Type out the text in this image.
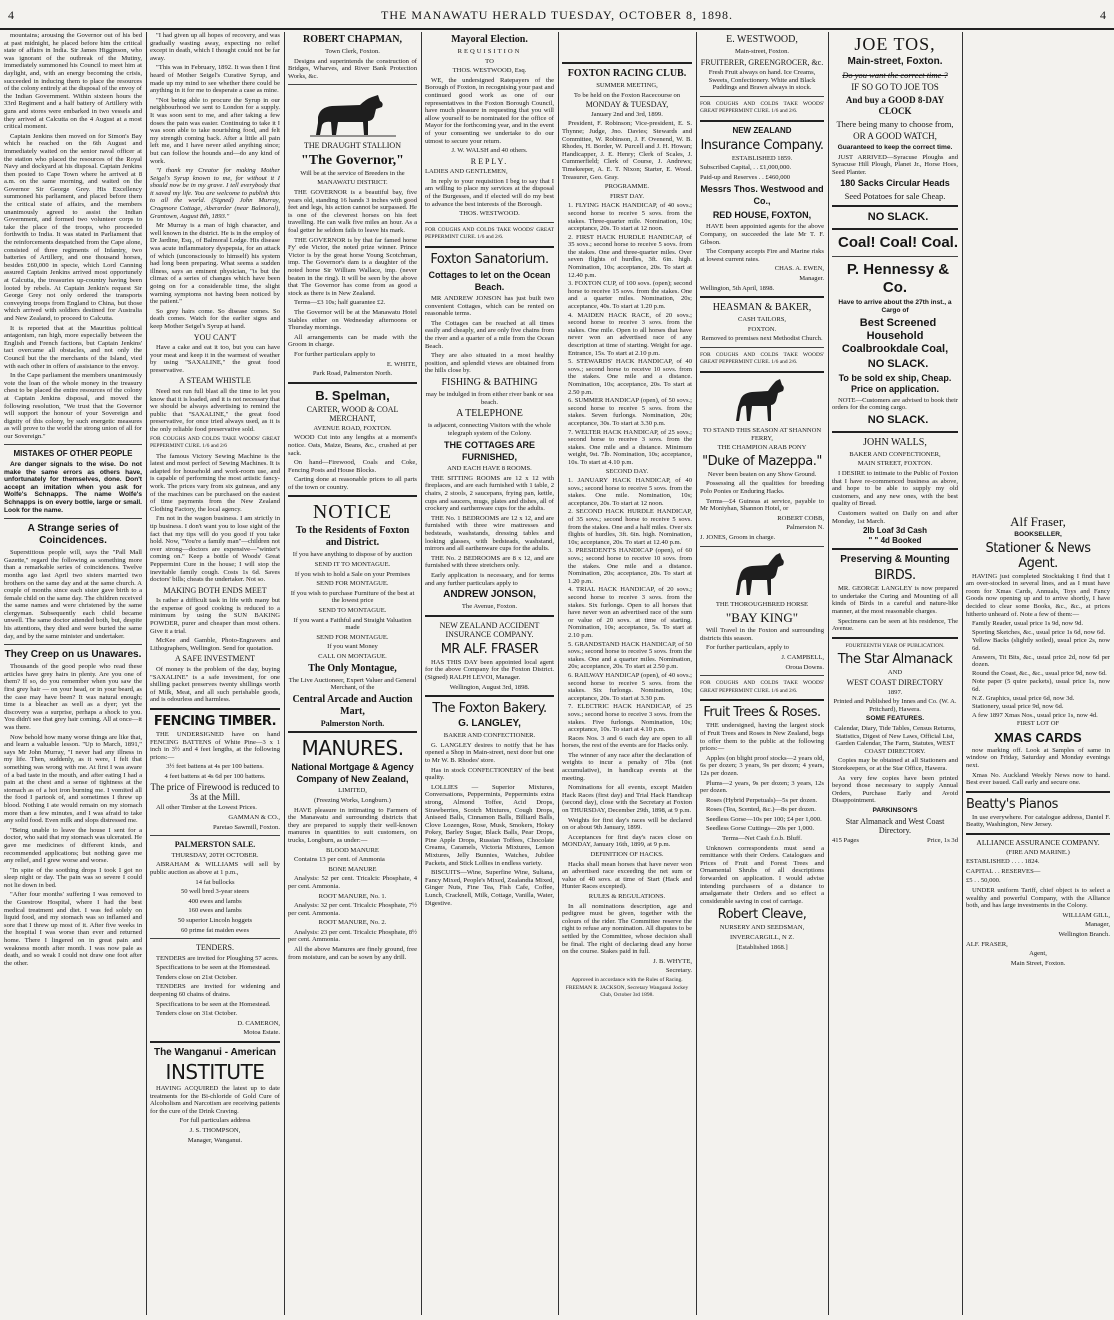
4	THE MANAWATU HERALD TUESDAY, OCTOBER 8, 1898.	4

mountains; arousing the Governor out of his bed at past midnight, he placed before him the critical state of affairs in India. Sir James Higginson, who was ignorant of the outbreak of the Mutiny, immediately summoned his Council to meet him at daylight, and, with an energy becoming the crisis, succeeded in inducing them to place the resources of the colony entirely at the disposal of the envoy of the Indian Government. Within sixteen hours the 33rd Regiment and a half battery of Artillery with guns and stores were embarked in two vessels and they arrived at Calcutta on the 4 August at a most critical moment.

Captain Jenkins then moved on for Simon's Bay which he reached on the 6th August and immediately waited on the senior naval officer at the station who placed the resources of the Royal Navy and dockyard at his disposal. Captain Jenkins then posted to Cape Town where he arrived at 8 a.m. on the same morning, and waited on the Governor Sir George Grey. His Excellency summoned his parliament, and placed before them the critical state of affairs, and the members unanimously agreed to assist the Indian Government, and formed two volunteer corps to take the place of the troops, who proceeded forthwith to India. It was stated in Parliament that the reinforcements despatched from the Cape alone, consisted of three regiments of Infantry, two batteries of Artillery, and one thousand horses, besides £60,000 in specie, which Lord Canning assured Captain Jenkins arrived most opportunely at Calcutta, the treasuries up-country having been looted by rebels. At Captain Jenkin's request Sir George Grey not only ordered the transports conveying troops from England to China, but those which arrived with soldiers destined for Australia and New Zealand, to proceed to Calcutta.

It is reported that at the Mauritius political antagonism, ran high, more especially between the English and French factions, but Captain Jenkins' tact overcame all obstacles, and not only the Council but the the merchants of the Island, vied with each other in offers of assistance to the envoy.

In the Cape parliament the members unanimously vote the loan of the whole money in the treasury chest to be placed the entire resources of the colony at Captain Jenkins disposal, and moved the following resolution, "We trust that the Governor will support the honour of your Sovereign and dignity of this colony, by such energetic measures as will prove to the world the strong union of all for our Sovereign."

MISTAKES OF OTHER PEOPLE

Are danger signals to the wise. Do not make the same errors as others have, unfortunately for themselves, done. Don't accept an imitation when you ask for Wolfe's Schnapps. The name Wolfe's Schnapps is on every bottle, large or small. Look for the name.

A Strange series of Coincidences.

Superstitious people will, says the "Pall Mall Gazette," regard the following as something more than a remarkable series of coincidences. Twelve months ago last April two sisters married two brothers on the same day and at the same church. A couple of months since each sister gave birth to a female child on the same day. The children received the same names and were christened by the same clergyman. Subsequently each child became unwell. The same doctor attended both, but, despite his attentions, they died and were buried the same day, and by the same minister and undertaker.

They Creep on us Unawares.

Thousands of the good people who read these articles have grey hairs in plenty. Are you one of them? If so, do you remember when you saw the first grey hair — on your head, or in your beard, as the case may have been? It was natural enough; time is a bleacher as well as a dyer; yet the discovery was a surprise, perhaps a shock to you. You didn't see that grey hair coming. All at once—it was there.

Now behold how many worse things are like that, and learn a valuable lesson. "Up to March, 1891," says Mr John Murray, "I never had any illness in my life. Then, suddenly, as it were, I felt that something was wrong with me. At first I was aware of a bad taste in the mouth, and after eating I had a pain at the chest and a sense of tightness at the stomach as of a hot iron burning me. I vomited all the food I partook of, and sometimes I threw up blood. Nothing I ate would remain on my stomach more than a few minutes, and I was afraid to take any solid food. Even milk and slops distressed me.

"Being unable to leave the house I sent for a doctor, who said that my stomach was ulcerated. He gave me medicines of different kinds, and recommended applications; but nothing gave me any relief, and I grew worse and worse.

"In spite of the soothing drops I took I got no sleep night or day. The pain was so severe I could not lie down in bed.

"After four months' suffering I was removed to the Guestrow Hospital, where I had the best medical treatment and diet. I was fed solely on liquid food, and my stomach was so inflamed and sore that I threw up most of it. After five weeks in the hospital I was worse than ever and returned home. There I lingered on in great pain and weakness month after month. I was now pale as death, and so weak I could not draw one foot after the other.

"I had given up all hopes of recovery, and was gradually wasting away, expecting no relief except in death, which I thought could not be far away.

"This was in February, 1892. It was then I first heard of Mother Seigel's Curative Syrup, and made up my mind to see whether there could be anything in it for me to desperate a case as mine.

"Not being able to procure the Syrup in our neighbourhood we sent to London for a supply. It was soon sent to me, and after taking a few doses the pain was easier. Continuing to take it I was soon able to take nourishing food, and felt my strength coming back. After a little all pain left me, and I have never ailed anything since; but can follow the hounds and—do any kind of work.

"I thank my Creator for making Mother Seigel's Syrup known to me, for without it I should now be in my grave. I tell everybody that it saved my life. You are welcome to publish this to all the world. (Signed) John Murray, Cragmore Cottage, Aberarder (near Balmoral), Grantown, August 8th, 1893."

Mr Murray is a man of high character, and well known in the district. He is in the employ of Dr Jardine, Esq., of Balmoral Lodge. His disease was acute inflammatory dyspepsia, for an attack of which (unconsciously to himself) his system had long been preparing. What seems a sudden illness, says an eminent physician, "is but the climax of a series of changes which have been going on for a considerable time, the slight warning symptoms not having been noticed by the patient."

So grey hairs come. So disease comes. So death comes. Watch for the earlier signs and keep Mother Seigel's Syrup at hand.

YOU CAN'T

Have a cake and eat it too, but you can have your meat and keep it in the warmest of weather by using "SAXALINE," the great food preservative.

A STEAM WHISTLE

Need not run full blast all the time to let you know that it is loaded, and it is not necessary that we should be always advertising to remind the public that "SAXALINE," the great food preservative, for once tried always used, as it is the only reliable food preservative sold.

FOR COUGHS AND COLDS TAKE WOODS' GREAT PEPPERMINT CURE. 1/6 and 2/6

The famous Victory Sewing Machine is the latest and most perfect of Sewing Machines. It is adapted for household and work-room use, and is capable of performing the most artistic fancy-work. The prices vary from six guineas, and any of the machines can be purchased on the easiest of time payments from the New Zealand Clothing Factory, the local agency.

I'm not in the wagon business. I am strictly in tip business. I don't want you to lose sight of the fact that my tips will do you good if you take hold. Now, "You're a family man"—children not over strong—doctors are expensive—"winter's coming on." Keep a bottle of Woods' Great Peppermint Cure in the house; I will stop the inevitable family cough. Costs 1s 6d. Saves doctors' bills; cheats the undertaker. Not so.

MAKING BOTH ENDS MEET

Is rather a difficult task in life with many but the expense of good cooking is reduced to a minimum by using the SUN BAKING POWDER, purer and cheaper than most others. Give it a trial.

McKee and Gamble, Photo-Engravers and Lithographers, Wellington. Send for quotation.

A SAFE INVESTMENT

Of money is the problem of the day, buying "SAXALINE" is a safe investment, for one shilling packet preserves twenty shillings worth of Milk, Meat, and all such perishable goods, and is odourless and harmless.

FENCING TIMBER.

THE UNDERSIGNED have on hand FENCING BATTENS of White Pine—3 x 1 inch in 3½ and 4 feet lengths, at the following prices:—

3½ feet battens at 4s per 100 battens.

4 feet battens at 4s 6d per 100 battens.

The price of Firewood is reduced to 3s at the Mill.

All other Timber at the Lowest Prices.

GAMMAN & CO.,

Paretao Sawmill, Foxton.

PALMERSTON SALE.

THURSDAY, 20TH OCTOBER.

ABRAHAM & WILLIAMS will sell by public auction as above at 1 p.m.,

14 fat bullocks

50 well bred 3-year steers

400 ewes and lambs

160 ewes and lambs

50 superior Lincoln hoggets

60 prime fat maiden ewes

TENDERS.

TENDERS are invited for Ploughing 57 acres.

Specifications to be seen at the Homestead.

Tenders close on 21st October.

TENDERS are invited for widening and deepening 60 chains of drains.

Specifications to be seen at the Homestead.

Tenders close on 31st October.

D. CAMERON,

Motoa Estate.

The Wanganui - American
INSTITUTE

HAVING ACQUIRED the latest up to date treatments for the Bi-chloride of Gold Cure of Alcoholism and Narcotism are receiving patients for the cure of the Drink Craving.

For full particulars address

J. S. THOMPSON,

Manager, Wanganui.

ROBERT CHAPMAN,

Town Clerk, Foxton.

Designs and superintends the construction of Bridges, Wharves, and River Bank Protection Works, &c.

THE DRAUGHT STALLION
"The Governor,"

Will be at the service of Breeders in the

MANAWATU DISTRICT.

THE GOVERNOR is a beautiful bay, five years old, standing 16 hands 3 inches with good feet and legs, his action cannot be surpassed. He is one of the cleverest horses on his feet travelling. He can walk five miles an hour. As a foal getter he seldom fails to leave his mark.

THE GOVERNOR is by that far famed horse Fy' ede Victor, the noted prize winner. Prince Victor is by the great horse Young Scotchman, imp. The Governor's dam is a daughter of the noted horse Sir William Wallace, imp. (never beaten in the ring). It will be seen by the above that The Governor has come from as good a stock as there is in New Zealand.

Terms—£3 10s; half guarantee £2.

The Governor will be at the Manawatu Hotel Stables either on Wednesday afternoons or Thursday mornings.

All arrangements can be made with the Groom in charge.

For further particulars apply to

E. WHITE,

Park Road, Palmerston North.

B. Spelman,

CARTER, WOOD & COAL MERCHANT,

AVENUE ROAD, FOXTON.

WOOD Cut into any lengths at a moment's notice. Oats, Maize, Beans, &c., crushed at per sack.

On hand—Firewood, Coals and Coke, Fencing Posts and House Blocks.

Carting done at reasonable prices to all parts of the town or country.

NOTICE
To the Residents of Foxton and District.

If you have anything to dispose of by auction

SEND IT TO MONTAGUE.

If you wish to hold a Sale on your Premises

SEND FOR MONTAGUE.

If you wish to purchase Furniture of the best at the lowest price

SEND TO MONTAGUE.

If you want a Faithful and Straight Valuation made

SEND FOR MONTAGUE.

If you want Money

CALL ON MONTAGUE.

The Only Montague,

The Live Auctioneer, Expert Valuer and General Merchant, of the

Central Arcade and Auction Mart,

Palmerston North.

MANURES.
National Mortgage & Agency Company of New Zealand,

LIMITED,

(Freezing Works, Longburn.)

HAVE pleasure in intimating to Farmers of the Manawatu and surrounding districts that they are prepared to supply their well-known manures in quantities to suit customers, on trucks, Longburn, as under:—

BLOOD MANURE

Contains 13 per cent. of Ammonia

BONE MANURE

Analysis: 52 per cent. Tricalcic Phosphate, 4 per cent. Ammonia.

ROOT MANURE, No. 1.

Analysis: 32 per cent. Tricalcic Phosphate, 7½ per cent. Ammonia.

ROOT MANURE, No. 2.

Analysis: 23 per cent. Tricalcic Phosphate, 8½ per cent. Ammonia.

All the above Manures are finely ground, free from moisture, and can be sown by any drill.

Mayoral Election.

REQUISITION

TO

THOS. WESTWOOD, Esq.

WE, the undersigned Ratepayers of the Borough of Foxton, in recognising your past and continued good work as one of our representatives in the Foxton Borough Council, have much pleasure in requesting that you will allow yourself to be nominated for the office of Mayor for the forthcoming year, and in the event of your consenting we undertake to do our utmost to secure your return.

J. W. WALSH and 40 others.

REPLY.

LADIES AND GENTLEMEN,

In reply to your requisition I beg to say that I am willing to place my services at the disposal of the Burgesses, and if elected will do my best to advance the best interests of the Borough.

THOS. WESTWOOD.

FOR COUGHS AND COLDS TAKE WOODS' GREAT PEPPERMINT CURE. 1/6 and 2/6.

Foxton Sanatorium.
Cottages to let on the Ocean Beach.

MR ANDREW JONSON has just built two convenient Cottages, which can be rented on reasonable terms.

The Cottages can be reached at all times easily and cheaply, and are only five chains from the river and a quarter of a mile from the Ocean Beach.

They are also situated in a most healthy position, and splendid views are obtained from the hills close by.

FISHING & BATHING

may be indulged in from either river bank or sea beach.

A TELEPHONE

is adjacent, connecting Visitors with the whole telegraph system of the Colony.

THE COTTAGES ARE FURNISHED,

AND EACH HAVE 8 ROOMS.

THE SITTING ROOMS are 12 x 12 with fireplaces, and are each furnished with 1 table, 2 chairs, 2 stools, 2 saucepans, frying pan, kettle, cups and saucers, mugs, plates and dishes, all of crockery and earthenware cups for the adults.

THE No. 1 BEDROOMS are 12 x 12, and are furnished with three wire mattresses and bedsteads, washstands, dressing tables and looking glasses, with bedsteads, washstand, mirrors and all earthenware cups for the adults.

THE No. 2 BEDROOMS are 8 x 12, and are furnished with three stretchers only.

Early application is necessary, and for terms and any further particulars apply to

ANDREW JONSON,

The Avenue, Foxton.

NEW ZEALAND ACCIDENT INSURANCE COMPANY.
MR ALF. FRASER

HAS THIS DAY been appointed local agent for the above Company for the Foxton District. (Signed) RALPH LEVOI, Manager.

Wellington, August 3rd, 1898.

The Foxton Bakery.
G. LANGLEY,

BAKER AND CONFECTIONER.

G. LANGLEY desires to notify that he has opened a Shop in Main-street, next door but one to Mr W. B. Rhodes' store.

Has in stock CONFECTIONERY of the best quality.

LOLLIES — Superior Mixtures, Conversations, Peppermints, Peppermints extra strong, Almond Toffee, Acid Drops, Strawberries, Scotch Mixtures, Cough Drops, Aniseed Balls, Cinnamon Balls, Billiard Balls, Clove Lozenges, Rose, Musk, Smokers, Hokey Pokey, Barley Sugar, Black Balls, Pear Drops, Pine Apple Drops, Russian Toffees, Chocolate Creams, Caramels, Victoria Mixtures, Lemon Mixtures, Jelly Bunnies, Watches, Jubilee Packets, and Stick Lollies in endless variety.

BISCUITS—Wine, Superfine Wine, Sultana, Fancy Mixed, People's Mixed, Zealandia Mixed, Ginger Nuts, Fine Tea, Fish Cafe, Coffee, Lunch, Cracknell, Milk, Cottage, Vanilla, Water, Digestive.

FOXTON RACING CLUB.

SUMMER MEETING,

To be held on the Foxton Racecourse on

MONDAY & TUESDAY,

January 2nd and 3rd, 1899.

President, F. Robinson; Vice-president, E. S. Thynne; Judge, Jno. Davies; Stewards and Committee, W. Robinson, J. F. Ovenend, W. B. Rhodes, H. Border, W. Purcell and J. H. Howan; Handicapper, J. E. Henry; Clerk of Scales, J. Cummerfield; Clerk of Course, J. Andrews; Timekeeper, A. E. T. Nixon; Starter, E. Wood. Treasurer, Geo. Gray.

PROGRAMME.

FIRST DAY.

1. FLYING HACK HANDICAP, of 40 sovs.; second horse to receive 5 sovs. from the stakes. Three-quarter mile. Nomination, 10s; acceptance, 20s. To start at 12 noon.

2. FIRST HACK HURDLE HANDICAP, of 35 sovs.; second horse to receive 5 sovs. from the stakes. One and three-quarter miles. Over seven flights of hurdles, 3ft. 6in. high. Nomination, 10s; acceptance, 20s. To start at 12.40 p.m.

3. FOXTON CUP, of 100 sovs. (open); second horse to receive 15 sovs. from the stakes. One and a quarter miles. Nomination, 20s; acceptance, 40s. To start at 1.20 p.m.

4. MAIDEN HACK RACE, of 20 sovs.; second horse to receive 3 sovs. from the stakes. One mile. Open to all horses that have never won an advertised race of any description at time of starting. Weight for age. Entrance, 15s. To start at 2.10 p.m.

5. STEWARDS' HACK HANDICAP, of 40 sovs.; second horse to receive 10 sovs. from the stakes. One mile and a distance. Nomination, 10s; acceptance, 20s. To start at 2.50 p.m.

6. SUMMER HANDICAP (open), of 50 sovs.; second horse to receive 5 sovs. from the stakes. Seven furlongs. Nomination, 20s; acceptance, 30s. To start at 3.30 p.m.

7. WELTER HACK HANDICAP, of 25 sovs.; second horse to receive 3 sovs. from the stakes. One mile and a distance. Minimum weight, 9st. 7lb. Nomination, 10s; acceptance, 10s. To start at 4.10 p.m.

SECOND DAY.

1. JANUARY HACK HANDICAP, of 40 sovs.; second horse to receive 5 sovs. from the stakes. One mile. Nomination, 10s; acceptance, 20s. To start at 12 noon.

2. SECOND HACK HURDLE HANDICAP, of 35 sovs.; second horse to receive 5 sovs. from the stakes. One and a half miles. Over six flights of hurdles, 3ft. 6in. high. Nomination, 10s; acceptance, 20s. To start at 12.40 p.m.

3. PRESIDENT'S HANDICAP (open), of 60 sovs.; second horse to receive 10 sovs. from the stakes. One mile and a distance. Nomination, 20s; acceptance, 20s. To start at 1.20 p.m.

4. TRIAL HACK HANDICAP, of 20 sovs.; second horse to receive 3 sovs. from the stakes. Six furlongs. Open to all horses that have never won an advertised race of the sum or value of 20 sovs. at time of starting. Nomination, 10s; acceptance, 5s. To start at 2.10 p.m.

5. GRANDSTAND HACK HANDICAP, of 50 sovs.; second horse to receive 5 sovs. from the stakes. One and a quarter miles. Nomination, 20s; acceptance, 20s. To start at 2.50 p.m.

6. RAILWAY HANDICAP (open), of 40 sovs.; second horse to receive 5 sovs. from the stakes. Six furlongs. Nomination, 10s; acceptance, 20s. To start at 3.30 p.m.

7. ELECTRIC HACK HANDICAP, of 25 sovs.; second horse to receive 3 sovs. from the stakes. Five furlongs. Nomination, 10s; acceptance, 10s. To start at 4.10 p.m.

Races Nos. 3 and 6 each day are open to all horses, the rest of the events are for Hacks only.

The winner of any race after the declaration of weights to incur a penalty of 7lbs (not accumulative), in handicap events at the meeting.

Nominations for all events, except Maiden Hack Races (first day) and Trial Hack Handicap (second day), close with the Secretary at Foxton on THURSDAY, December 29th, 1898, at 9 p.m.

Weights for first day's races will be declared on or about 9th January, 1899.

Acceptances for first day's races close on MONDAY, January 16th, 1899, at 9 p.m.

DEFINITION OF HACKS.

Hacks shall mean horses that have never won an advertised race exceeding the net sum or value of 40 sovs. at time of Start (Hack and Hunter Races excepted).

RULES & REGULATIONS.

In all nominations description, age and pedigree must be given, together with the colours of the rider. The Committee reserve the right to refuse any nomination. All disputes to be settled by the Committee, whose decision shall be final. The right of declaring dead any horse on the course. Stakes paid in full.

J. B. WHYTE,

Secretary.

Approved in accordance with the Rules of Racing. FREEMAN R. JACKSON, Secretary Wanganui Jockey Club, October 3rd 1898.

E. WESTWOOD,

Main-street, Foxton.

FRUITERER, GREENGROCER, &c.

Fresh Fruit always on hand. Ice Creams, Sweets, Confectionery. White and Black Puddings and Brawn always in stock.

FOR COUGHS AND COLDS TAKE WOODS' GREAT PEPPERMINT CURE. 1/6 and 2/6.

NEW ZEALAND
Insurance Company.

ESTABLISHED 1859.

Subscribed Capital, . . £1,000,000.

Paid-up and Reserves . . £460,000

Messrs Thos. Westwood and Co.,
RED HOUSE, FOXTON,

HAVE been appointed agents for the above Company, on succeeded the late Mr T. F. Gibson.

The Company accepts Fire and Marine risks at lowest current rates.

CHAS. A. EWEN,

Manager.

Wellington, 5th April, 1898.

HEASMAN & BAKER,

CASH TAILORS,

FOXTON.

Removed to premises next Methodist Church.

FOR COUGHS AND COLDS TAKE WOODS' GREAT PEPPERMINT CURE. 1/6 and 2/6.

TO STAND THIS SEASON AT SHANNON FERRY,

THE CHAMPION ARAB PONY

"Duke of Mazeppa."

Never been beaten on any Show Ground.

Possessing all the qualities for breeding Polo Ponies or Enduring Hacks.

Terms—£4 Guineas at service, payable to Mr Moniyhan, Shannon Hotel, or

ROBERT COBB,

Palmerston N.

J. JONES, Groom in charge.

THE THOROUGHBRED HORSE

"BAY KING"

Will Travel in the Foxton and surrounding districts this season.

For further particulars, apply to

J. CAMPBELL,

Oroua Downs.

FOR COUGHS AND COLDS TAKE WOODS' GREAT PEPPERMINT CURE. 1/6 and 2/6.

Fruit Trees & Roses.

THE undersigned, having the largest stock of Fruit Trees and Roses in New Zealand, begs to offer them to the public at the following prices:—

Apples (on blight proof stocks—2 years old, 6s per dozen; 3 years, 9s per dozen; 4 years, 12s per dozen.

Plums—2 years, 9s per dozen; 3 years, 12s per dozen.

Roses (Hybrid Perpetuals)—5s per dozen.

Roses (Tea, Scented, &c.)—8s per dozen.

Seedless Gorse—10s per 100; £4 per 1,000.

Seedless Gorse Cuttings—20s per 1,000.

Terms—Net Cash f.o.b. Bluff.

Unknown correspondents must send a remittance with their Orders. Catalogues and Prices of Fruit and Forest Trees and Ornamental Shrubs of all descriptions forwarded on application. I would advise intending purchasers of a distance to amalgamate their Orders and so effect a considerable saving in cost of carriage.

Robert Cleave,

NURSERY AND SEEDSMAN,

INVERCARGILL, N Z.

[Established 1868.]

JOE TOS,
Main-street, Foxton.

Do you want the correct time ?

IF SO GO TO JOE TOS

And buy a GOOD 8-DAY CLOCK

There being many to choose from,

OR A GOOD WATCH,

Guaranteed to keep the correct time.

JUST ARRIVED—Syracuse Ploughs and Syracuse Hill Plough, Planet Jr., Horse Hoes, Seed Planter.

180 Sacks Circular Heads

Seed Potatoes for sale Cheap.

NO SLACK.

Coal! Coal! Coal.

P. Hennessy & Co.

Have to arrive about the 27th inst., a Cargo of

Best Screened Household Coalbrookdale Coal,

NO SLACK.

To be sold ex ship, Cheap. Price on application.

NOTE—Customers are advised to book their orders for the coming cargo.

NO SLACK.

JOHN WALLS,

BAKER AND CONFECTIONER,

MAIN STREET, FOXTON.

I DESIRE to intimate to the Public of Foxton that I have re-commenced business as above, and hope to be able to supply my old customers, and any new ones, with the best quality of Bread.

Customers waited on Daily on and after Monday, 1st March.

2lb Loaf 3d Cash

" " 4d Booked

Preserving & Mounting
BIRDS.

MR. GEORGE LANGLEY is now prepared to undertake the Curing and Mounting of all kinds of Birds in a careful and nature-like manner, at the most reasonable charges.

Specimens can be seen at his residence, The Avenue.

FOURTEENTH YEAR OF PUBLICATION.

The Star Almanack

AND

WEST COAST DIRECTORY

1897.

Printed and Published by Innes and Co. (W. A. Pritchard), Hawera.

SOME FEATURES.

Calendar, Diary, Tide Tables, Census Returns, Statistics, Digest of New Laws, Official List, Garden Calendar, The Farm, Statutes, WEST COAST DIRECTORY.

Copies may be obtained at all Stationers and Storekeepers, or at the Star Office, Hawera.

As very few copies have been printed beyond those necessary to supply Annual Orders, Purchase Early and Avoid Disappointment.

PARKINSON'S

Star Almanack and West Coast Directory.

415 Pages	Price, 1s 3d
Alf Fraser,

BOOKSELLER,

Stationer & News Agent.

HAVING just completed Stocktaking I find that I am over-stocked in several lines, and as I must have room for Xmas Cards, Annuals, Toys and Fancy Goods now opening up and to arrive shortly, I have decided to clear some Books, &c., &c., at prices hitherto unheard of. Note a few of them:—

Family Reader, usual price 1s 9d, now 9d.

Sporting Sketches, &c., usual price 1s 6d, now 6d.

Yellow Backs (slightly soiled), usual price 2s, now 6d.

Answers, Tit Bits, &c., usual price 2d, now 6d per dozen.

Round the Coast, &c., &c., usual price 9d, now 6d.

Note paper (5 quire packets), usual price 1s, now 6d.

N.Z. Graphics, usual price 6d, now 3d.

Stationery, usual price 9d, now 6d.

A few 1897 Xmas Nos., usual price 1s, now 4d.

FIRST LOT OF

XMAS CARDS

now marking off. Look at Samples of same in window on Friday, Saturday and Monday evenings next.

Xmas No. Auckland Weekly News now to hand. Best ever issued. Call early and secure one.

Beatty's Pianos

In use everywhere. For catalogue address, Daniel F. Beatty, Washington, New Jersey.

ALLIANCE ASSURANCE COMPANY.

(FIRE AND MARINE.)

ESTABLISHED . . . . 1824.

CAPITAL . . RESERVES—

£5 . . 50,000.

UNDER uniform Tariff, chief object is to select a wealthy and powerful Company, with the Alliance both, and has large investments in the Colony.

WILLIAM GILL,

Manager,

Wellington Branch.

ALF. FRASER,

Agent,

Main Street, Foxton.
